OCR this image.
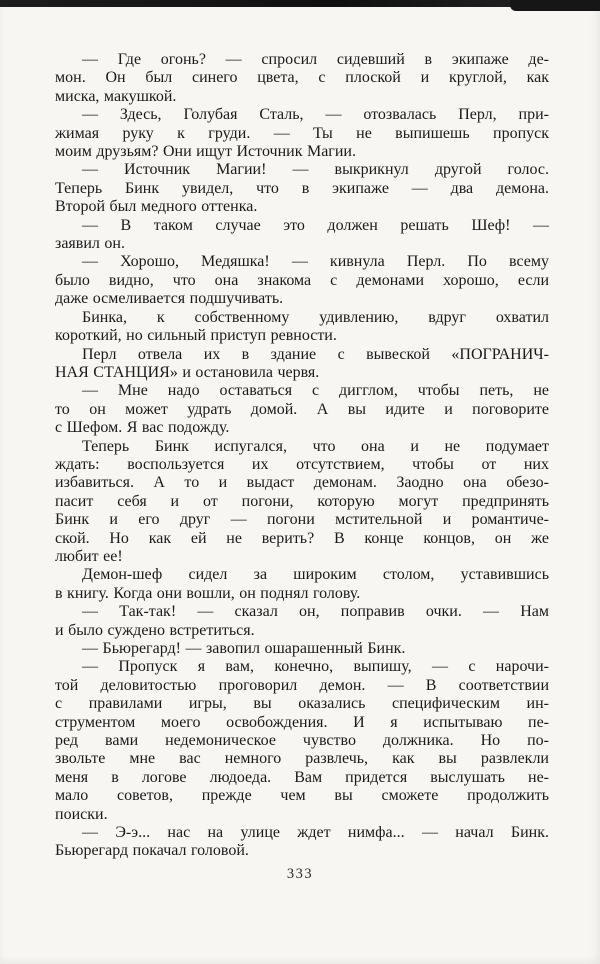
— Где огонь? — спросил сидевший в экипаже де-
мон. Он был синего цвета, с плоской и круглой, как
миска, макушкой.
— Здесь, Голубая Сталь, — отозвалась Перл, при-
жимая руку к груди. — Ты не выпишешь пропуск
моим друзьям? Они ищут Источник Магии.
— Источник Магии! — выкрикнул другой голос.
Теперь Бинк увидел, что в экипаже — два демона.
Второй был медного оттенка.
— В таком случае это должен решать Шеф! —
заявил он.
— Хорошо, Медяшка! — кивнула Перл. По всему
было видно, что она знакома с демонами хорошо, если
даже осмеливается подшучивать.
Бинка, к собственному удивлению, вдруг охватил
короткий, но сильный приступ ревности.
Перл отвела их в здание с вывеской «ПОГРАНИЧ-
НАЯ СТАНЦИЯ» и остановила червя.
— Мне надо оставаться с дигглом, чтобы петь, не
то он может удрать домой. А вы идите и поговорите
с Шефом. Я вас подожду.
Теперь Бинк испугался, что она и не подумает
ждать: воспользуется их отсутствием, чтобы от них
избавиться. А то и выдаст демонам. Заодно она обезо-
пасит себя и от погони, которую могут предпринять
Бинк и его друг — погони мстительной и романтиче-
ской. Но как ей не верить? В конце концов, он же
любит ее!
Демон-шеф сидел за широким столом, уставившись
в книгу. Когда они вошли, он поднял голову.
— Так-так! — сказал он, поправив очки. — Нам
и было суждено встретиться.
— Бьюрегард! — завопил ошарашенный Бинк.
— Пропуск я вам, конечно, выпишу, — с нарочи-
той деловитостью проговорил демон. — В соответствии
с правилами игры, вы оказались специфическим ин-
струментом моего освобождения. И я испытываю пе-
ред вами недемоническое чувство должника. Но по-
звольте мне вас немного развлечь, как вы развлекли
меня в логове людоеда. Вам придется выслушать не-
мало советов, прежде чем вы сможете продолжить
поиски.
— Э-э... нас на улице ждет нимфа... — начал Бинк.
Бьюрегард покачал головой.
333
